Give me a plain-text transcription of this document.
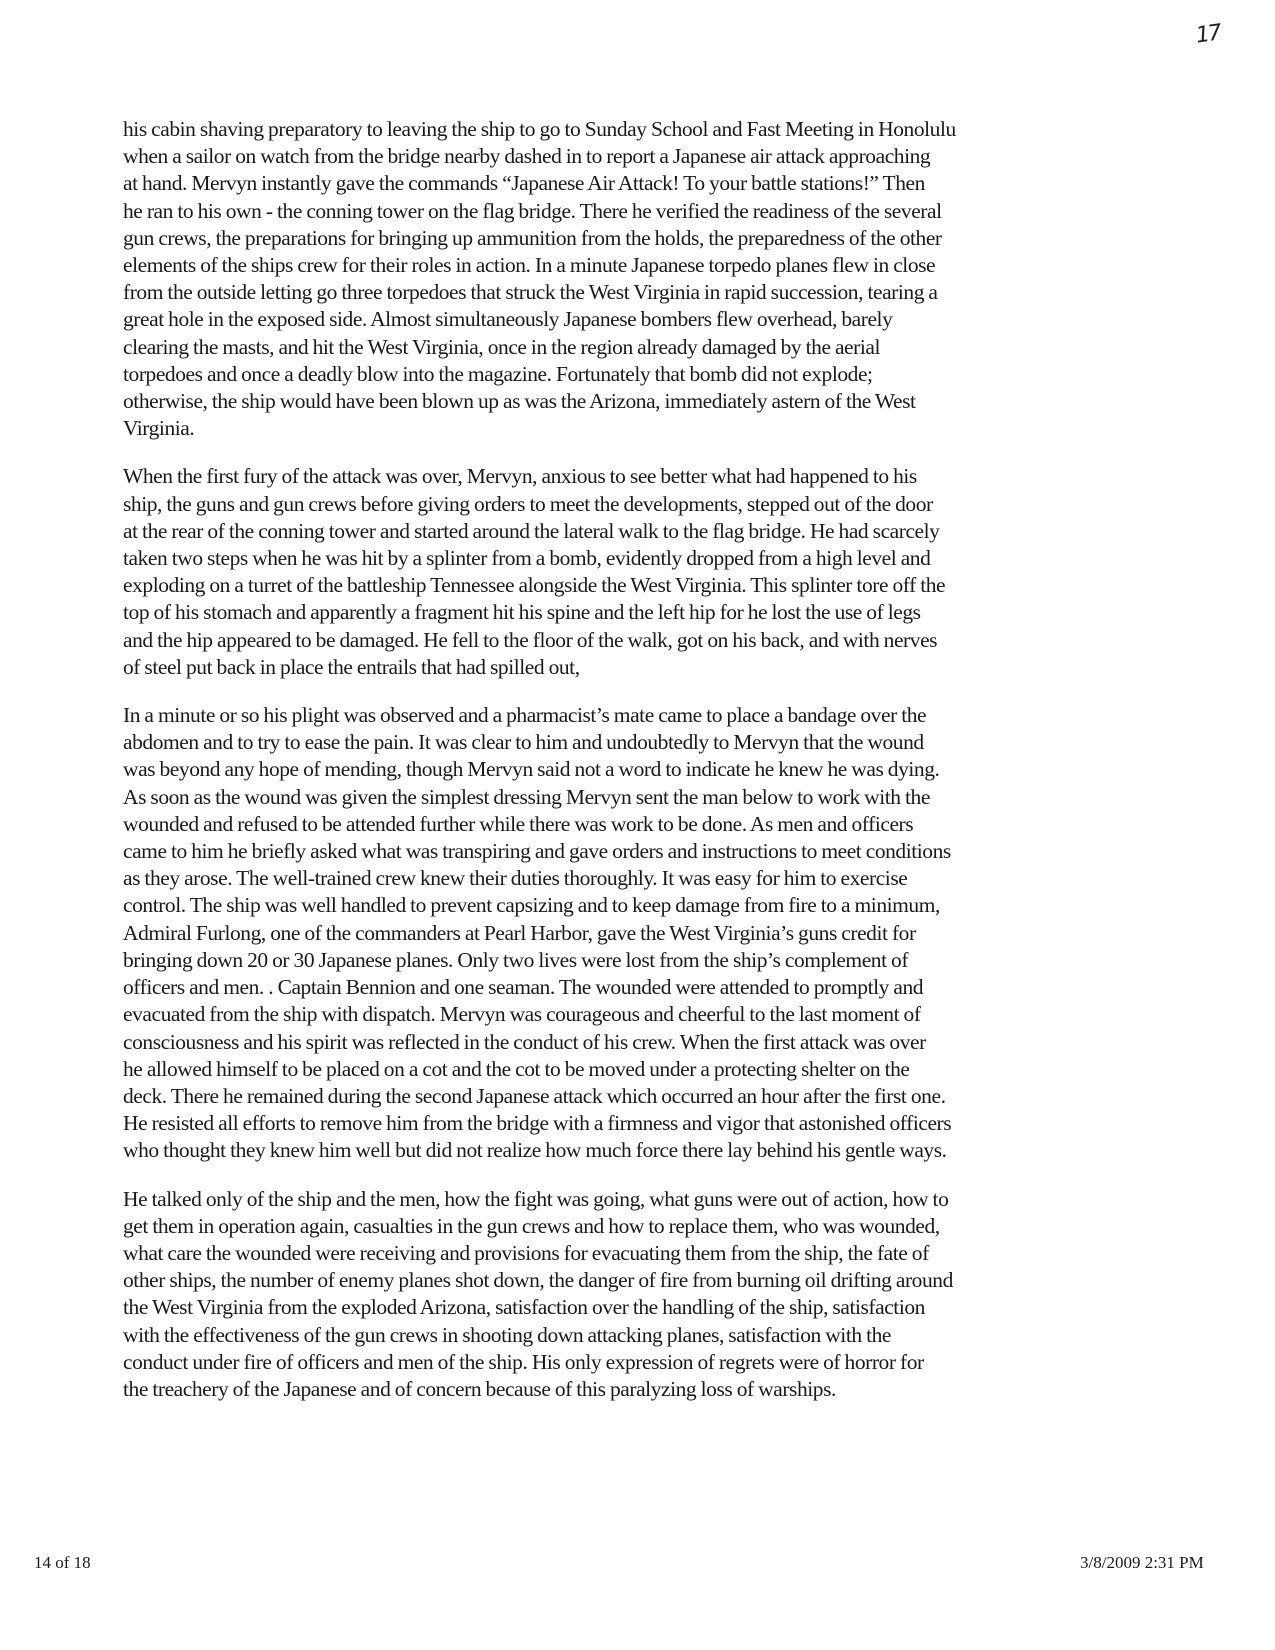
17
his cabin shaving preparatory to leaving the ship to go to Sunday School and Fast Meeting in Honolulu
when a sailor on watch from the bridge nearby dashed in to report a Japanese air attack approaching
at hand. Mervyn instantly gave the commands “Japanese Air Attack! To your battle stations!” Then
he ran to his own - the conning tower on the flag bridge. There he verified the readiness of the several
gun crews, the preparations for bringing up ammunition from the holds, the preparedness of the other
elements of the ships crew for their roles in action. In a minute Japanese torpedo planes flew in close
from the outside letting go three torpedoes that struck the West Virginia in rapid succession, tearing a
great hole in the exposed side. Almost simultaneously Japanese bombers flew overhead, barely
clearing the masts, and hit the West Virginia, once in the region already damaged by the aerial
torpedoes and once a deadly blow into the magazine. Fortunately that bomb did not explode;
otherwise, the ship would have been blown up as was the Arizona, immediately astern of the West
Virginia.
When the first fury of the attack was over, Mervyn, anxious to see better what had happened to his
ship, the guns and gun crews before giving orders to meet the developments, stepped out of the door
at the rear of the conning tower and started around the lateral walk to the flag bridge. He had scarcely
taken two steps when he was hit by a splinter from a bomb, evidently dropped from a high level and
exploding on a turret of the battleship Tennessee alongside the West Virginia. This splinter tore off the
top of his stomach and apparently a fragment hit his spine and the left hip for he lost the use of legs
and the hip appeared to be damaged. He fell to the floor of the walk, got on his back, and with nerves
of steel put back in place the entrails that had spilled out,
In a minute or so his plight was observed and a pharmacist’s mate came to place a bandage over the
abdomen and to try to ease the pain. It was clear to him and undoubtedly to Mervyn that the wound
was beyond any hope of mending, though Mervyn said not a word to indicate he knew he was dying.
As soon as the wound was given the simplest dressing Mervyn sent the man below to work with the
wounded and refused to be attended further while there was work to be done. As men and officers
came to him he briefly asked what was transpiring and gave orders and instructions to meet conditions
as they arose. The well-trained crew knew their duties thoroughly. It was easy for him to exercise
control. The ship was well handled to prevent capsizing and to keep damage from fire to a minimum,
Admiral Furlong, one of the commanders at Pearl Harbor, gave the West Virginia’s guns credit for
bringing down 20 or 30 Japanese planes. Only two lives were lost from the ship’s complement of
officers and men. . Captain Bennion and one seaman. The wounded were attended to promptly and
evacuated from the ship with dispatch. Mervyn was courageous and cheerful to the last moment of
consciousness and his spirit was reflected in the conduct of his crew. When the first attack was over
he allowed himself to be placed on a cot and the cot to be moved under a protecting shelter on the
deck. There he remained during the second Japanese attack which occurred an hour after the first one.
He resisted all efforts to remove him from the bridge with a firmness and vigor that astonished officers
who thought they knew him well but did not realize how much force there lay behind his gentle ways.
He talked only of the ship and the men, how the fight was going, what guns were out of action, how to
get them in operation again, casualties in the gun crews and how to replace them, who was wounded,
what care the wounded were receiving and provisions for evacuating them from the ship, the fate of
other ships, the number of enemy planes shot down, the danger of fire from burning oil drifting around
the West Virginia from the exploded Arizona, satisfaction over the handling of the ship, satisfaction
with the effectiveness of the gun crews in shooting down attacking planes, satisfaction with the
conduct under fire of officers and men of the ship. His only expression of regrets were of horror for
the treachery of the Japanese and of concern because of this paralyzing loss of warships.
14 of 18	3/8/2009 2:31 PM
